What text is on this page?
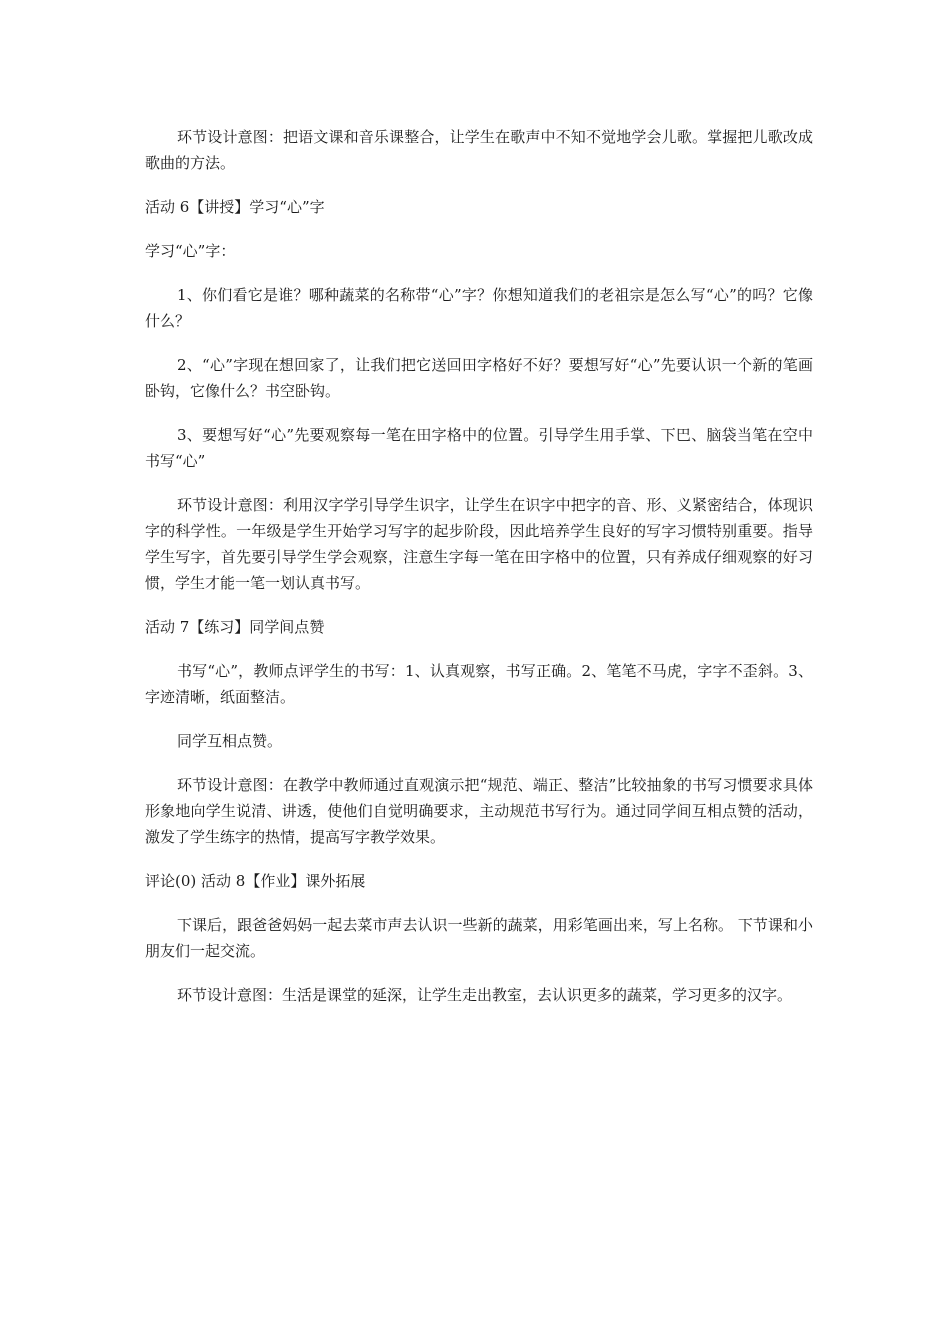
环节设计意图：把语文课和音乐课整合，让学生在歌声中不知不觉地学会儿歌。掌握把儿歌改成歌曲的方法。

活动 6【讲授】学习“心”字

学习“心”字：

1、你们看它是谁？哪种蔬菜的名称带“心”字？你想知道我们的老祖宗是怎么写“心”的吗？它像什么？

2、“心”字现在想回家了，让我们把它送回田字格好不好？要想写好“心”先要认识一个新的笔画卧钩，它像什么？书空卧钩。

3、要想写好“心”先要观察每一笔在田字格中的位置。引导学生用手掌、下巴、脑袋当笔在空中书写“心”

环节设计意图：利用汉字学引导学生识字，让学生在识字中把字的音、形、义紧密结合，体现识字的科学性。一年级是学生开始学习写字的起步阶段，因此培养学生良好的写字习惯特别重要。指导学生写字，首先要引导学生学会观察，注意生字每一笔在田字格中的位置，只有养成仔细观察的好习惯，学生才能一笔一划认真书写。

活动 7【练习】同学间点赞

书写“心”，教师点评学生的书写：1、认真观察，书写正确。2、笔笔不马虎，字字不歪斜。3、字迹清晰，纸面整洁。

同学互相点赞。

环节设计意图：在教学中教师通过直观演示把“规范、端正、整洁”比较抽象的书写习惯要求具体形象地向学生说清、讲透，使他们自觉明确要求，主动规范书写行为。通过同学间互相点赞的活动，激发了学生练字的热情，提高写字教学效果。

评论(0) 活动 8【作业】课外拓展

下课后，跟爸爸妈妈一起去菜市声去认识一些新的蔬菜，用彩笔画出来，写上名称。 下节课和小朋友们一起交流。

环节设计意图：生活是课堂的延深，让学生走出教室，去认识更多的蔬菜，学习更多的汉字。
